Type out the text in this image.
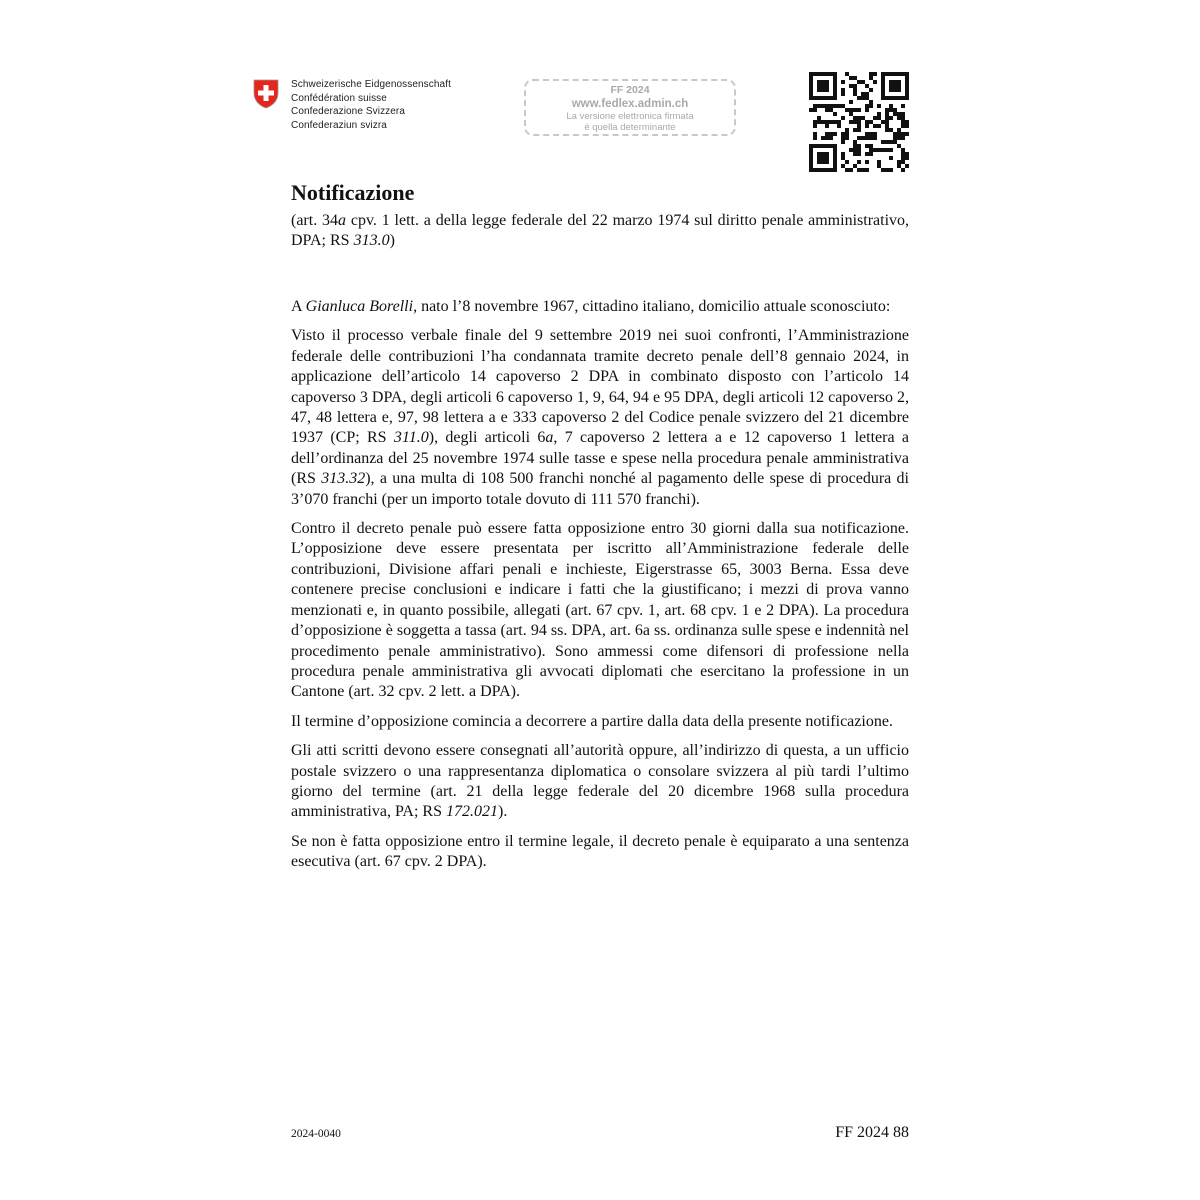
Schweizerische Eidgenossenschaft
Confédération suisse
Confederazione Svizzera
Confederaziun svizra
FF 2024
www.fedlex.admin.ch
La versione elettronica firmata
è quella determinante
Notificazione

(art. 34a cpv. 1 lett. a della legge federale del 22 marzo 1974 sul diritto penale amministrativo, DPA; RS 313.0)

A Gianluca Borelli, nato l’8 novembre 1967, cittadino italiano, domicilio attuale sconosciuto:

Visto il processo verbale finale del 9 settembre 2019 nei suoi confronti, l’Amministrazione federale delle contribuzioni l’ha condannata tramite decreto penale dell’8 gennaio 2024, in applicazione dell’articolo 14 capoverso 2 DPA in combinato disposto con l’articolo 14 capoverso 3 DPA, degli articoli 6 capoverso 1, 9, 64, 94 e 95 DPA, degli articoli 12 capoverso 2, 47, 48 lettera e, 97, 98 lettera a e 333 capoverso 2 del Codice penale svizzero del 21 dicembre 1937 (CP; RS 311.0), degli articoli 6a, 7 capoverso 2 lettera a e 12 capoverso 1 lettera a dell’ordinanza del 25 novembre 1974 sulle tasse e spese nella procedura penale amministrativa (RS 313.32), a una multa di 108 500 franchi nonché al pagamento delle spese di procedura di 3’070 franchi (per un importo totale dovuto di 111 570 franchi).

Contro il decreto penale può essere fatta opposizione entro 30 giorni dalla sua notificazione. L’opposizione deve essere presentata per iscritto all’Amministrazione federale delle contribuzioni, Divisione affari penali e inchieste, Eigerstrasse 65, 3003 Berna. Essa deve contenere precise conclusioni e indicare i fatti che la giustificano; i mezzi di prova vanno menzionati e, in quanto possibile, allegati (art. 67 cpv. 1, art. 68 cpv. 1 e 2 DPA). La procedura d’opposizione è soggetta a tassa (art. 94 ss. DPA, art. 6a ss. ordinanza sulle spese e indennità nel procedimento penale amministrativo). Sono ammessi come difensori di professione nella procedura penale amministrativa gli avvocati diplomati che esercitano la professione in un Cantone (art. 32 cpv. 2 lett. a DPA).

Il termine d’opposizione comincia a decorrere a partire dalla data della presente notificazione.

Gli atti scritti devono essere consegnati all’autorità oppure, all’indirizzo di questa, a un ufficio postale svizzero o una rappresentanza diplomatica o consolare svizzera al più tardi l’ultimo giorno del termine (art. 21 della legge federale del 20 dicembre 1968 sulla procedura amministrativa, PA; RS 172.021).

Se non è fatta opposizione entro il termine legale, il decreto penale è equiparato a una sentenza esecutiva (art. 67 cpv. 2 DPA).

2024-0040	FF 2024 88
